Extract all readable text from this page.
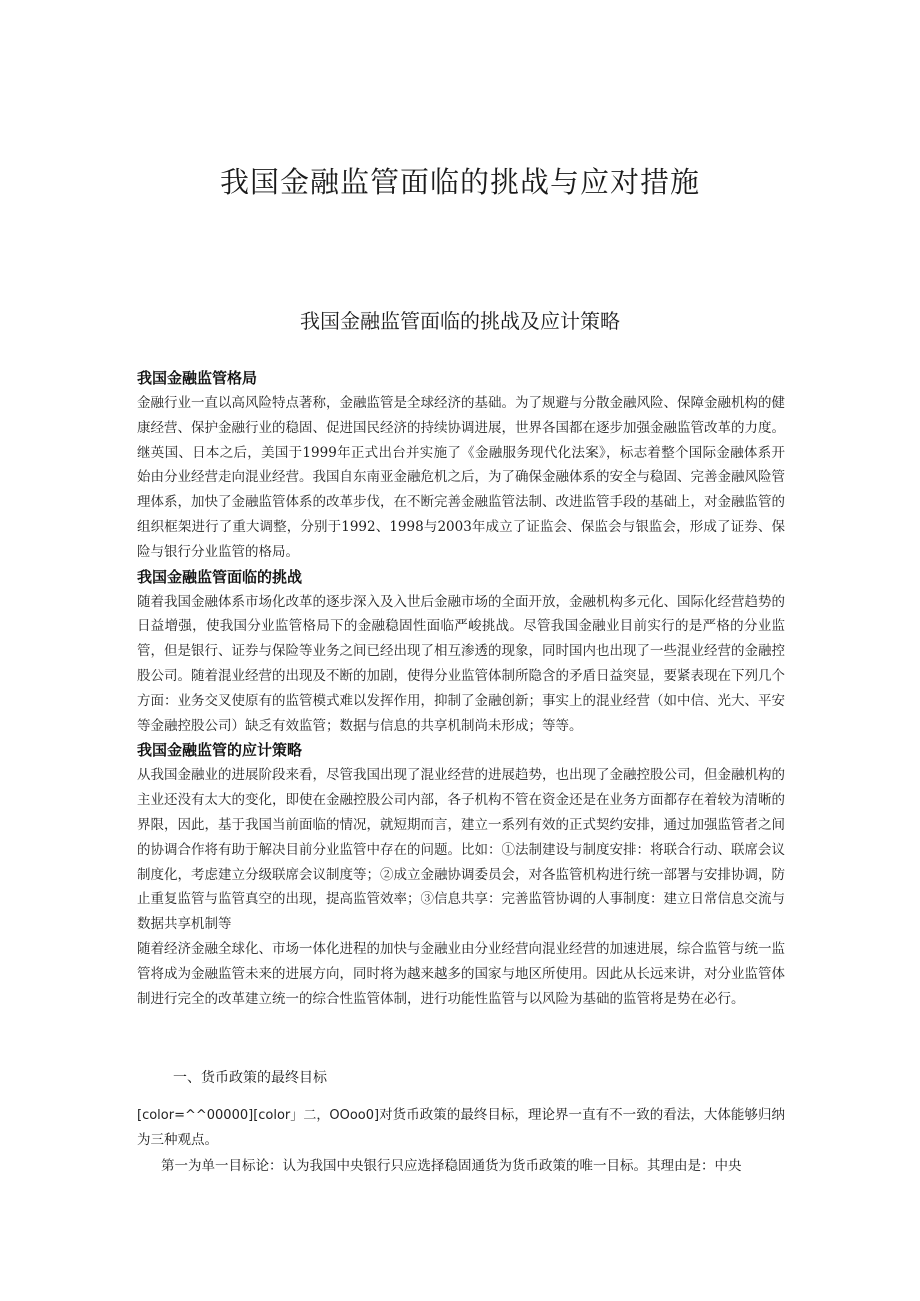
我国金融监管面临的挑战与应对措施
我国金融监管面临的挑战及应计策略
我国金融监管格局

金融行业一直以高风险特点著称，金融监管是全球经济的基础。为了规避与分散金融风险、保障金融机构的健康经营、保护金融行业的稳固、促进国民经济的持续协调进展，世界各国都在逐步加强金融监管改革的力度。继英国、日本之后，美国于1999年正式出台并实施了《金融服务现代化法案》，标志着整个国际金融体系开始由分业经营走向混业经营。我国自东南亚金融危机之后，为了确保金融体系的安全与稳固、完善金融风险管理体系，加快了金融监管体系的改革步伐，在不断完善金融监管法制、改进监管手段的基础上，对金融监管的组织框架进行了重大调整，分别于1992、1998与2003年成立了证监会、保监会与银监会，形成了证券、保险与银行分业监管的格局。

我国金融监管面临的挑战

随着我国金融体系市场化改革的逐步深入及入世后金融市场的全面开放，金融机构多元化、国际化经营趋势的日益增强，使我国分业监管格局下的金融稳固性面临严峻挑战。尽管我国金融业目前实行的是严格的分业监管，但是银行、证券与保险等业务之间已经出现了相互渗透的现象，同时国内也出现了一些混业经营的金融控股公司。随着混业经营的出现及不断的加剧，使得分业监管体制所隐含的矛盾日益突显，要紧表现在下列几个方面：业务交叉使原有的监管模式难以发挥作用，抑制了金融创新；事实上的混业经营（如中信、光大、平安等金融控股公司）缺乏有效监管；数据与信息的共享机制尚未形成；等等。

我国金融监管的应计策略

从我国金融业的进展阶段来看，尽管我国出现了混业经营的进展趋势，也出现了金融控股公司，但金融机构的主业还没有太大的变化，即使在金融控股公司内部，各子机构不管在资金还是在业务方面都存在着较为清晰的界限，因此，基于我国当前面临的情况，就短期而言，建立一系列有效的正式契约安排，通过加强监管者之间的协调合作将有助于解决目前分业监管中存在的问题。比如：①法制建设与制度安排：将联合行动、联席会议制度化，考虑建立分级联席会议制度等；②成立金融协调委员会，对各监管机构进行统一部署与安排协调，防止重复监管与监管真空的出现，提高监管效率；③信息共享：完善监管协调的人事制度：建立日常信息交流与数据共享机制等

随着经济金融全球化、市场一体化进程的加快与金融业由分业经营向混业经营的加速进展，综合监管与统一监管将成为金融监管未来的进展方向，同时将为越来越多的国家与地区所使用。因此从长远来讲，对分业监管体制进行完全的改革建立统一的综合性监管体制，进行功能性监管与以风险为基础的监管将是势在必行。

一、货币政策的最终目标

[color=^^00000][color」二，OOoo0]对货币政策的最终目标，理论界一直有不一致的看法，大体能够归纳为三种观点。

第一为单一目标论：认为我国中央银行只应选择稳固通货为货币政策的唯一目标。其理由是：中央
